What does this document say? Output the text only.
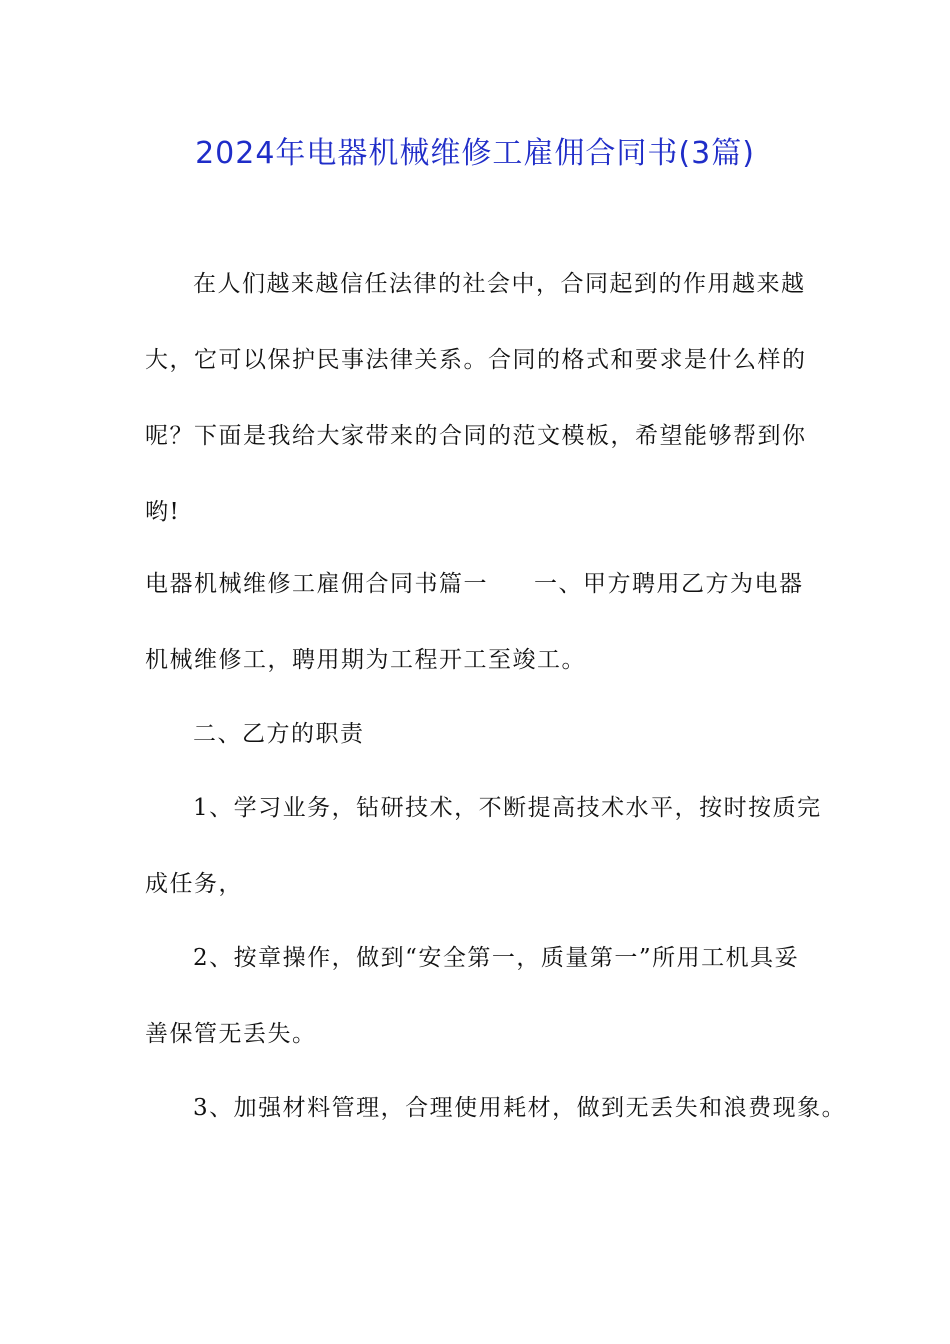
2024年电器机械维修工雇佣合同书(3篇)
在人们越来越信任法律的社会中，合同起到的作用越来越
大，它可以保护民事法律关系。合同的格式和要求是什么样的
呢？下面是我给大家带来的合同的范文模板，希望能够帮到你
哟!
电器机械维修工雇佣合同书篇一 一、甲方聘用乙方为电器
机械维修工，聘用期为工程开工至竣工。
二、乙方的职责
1、学习业务，钻研技术，不断提高技术水平，按时按质完
成任务，
2、按章操作，做到“安全第一，质量第一”所用工机具妥
善保管无丢失。
3、加强材料管理，合理使用耗材，做到无丢失和浪费现象。
